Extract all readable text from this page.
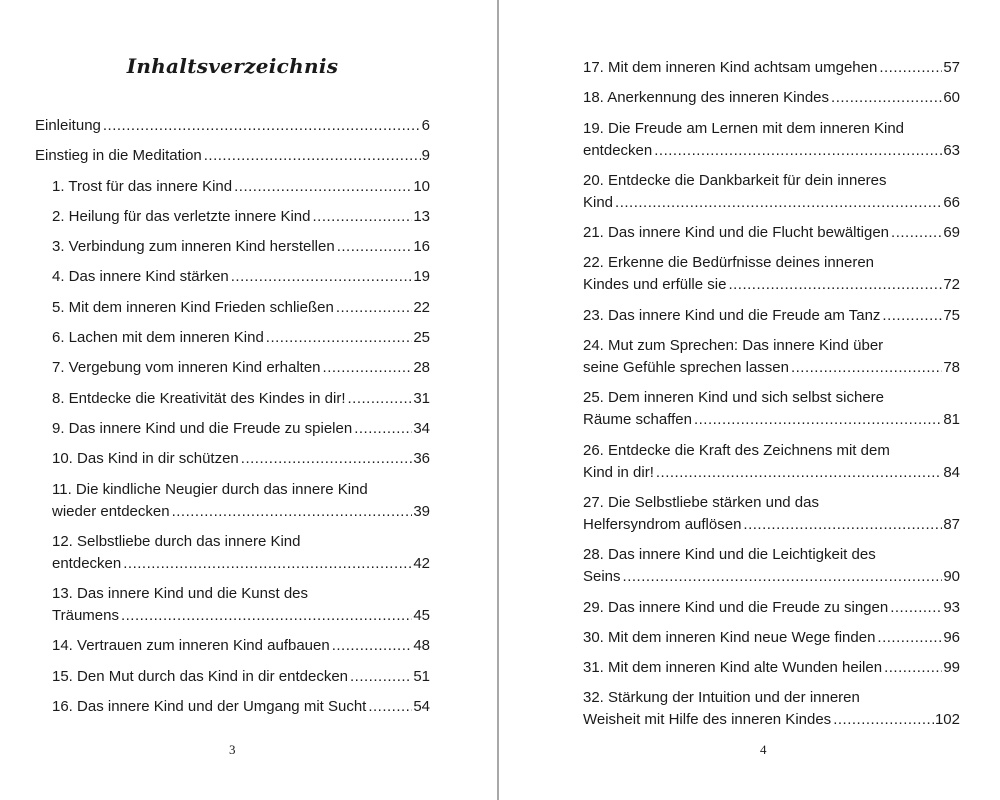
Inhaltsverzeichnis
Einleitung .....	6
Einstieg in die Meditation .....	9
1. Trost für das innere Kind .....	10
2. Heilung für das verletzte innere Kind .....	13
3. Verbindung zum inneren Kind herstellen .....	16
4. Das innere Kind stärken .....	19
5. Mit dem inneren Kind Frieden schließen .....	22
6. Lachen mit dem inneren Kind .....	25
7. Vergebung vom inneren Kind erhalten .....	28
8. Entdecke die Kreativität des Kindes in dir! .....	31
9. Das innere Kind und die Freude zu spielen .....	34
10. Das Kind in dir schützen .....	36
11. Die kindliche Neugier durch das innere Kind
wieder entdecken .....	39
12. Selbstliebe durch das innere Kind
entdecken .....	42
13. Das innere Kind und die Kunst des
Träumens .....	45
14. Vertrauen zum inneren Kind aufbauen .....	48
15. Den Mut durch das Kind in dir entdecken .....	51
16. Das innere Kind und der Umgang mit Sucht .....	54
3
17. Mit dem inneren Kind achtsam umgehen .....	57
18. Anerkennung des inneren Kindes .....	60
19. Die Freude am Lernen mit dem inneren Kind
entdecken .....	63
20. Entdecke die Dankbarkeit für dein inneres
Kind .....	66
21. Das innere Kind und die Flucht bewältigen .....	69
22. Erkenne die Bedürfnisse deines inneren
Kindes und erfülle sie .....	72
23. Das innere Kind und die Freude am Tanz .....	75
24. Mut zum Sprechen: Das innere Kind über
seine Gefühle sprechen lassen .....	78
25. Dem inneren Kind und sich selbst sichere
Räume schaffen .....	81
26. Entdecke die Kraft des Zeichnens mit dem
Kind in dir! .....	84
27. Die Selbstliebe stärken und das
Helfersyndrom auflösen .....	87
28. Das innere Kind und die Leichtigkeit des
Seins .....	90
29. Das innere Kind und die Freude zu singen .....	93
30. Mit dem inneren Kind neue Wege finden .....	96
31. Mit dem inneren Kind alte Wunden heilen .....	99
32. Stärkung der Intuition und der inneren
Weisheit mit Hilfe des inneren Kindes .....	102
4
